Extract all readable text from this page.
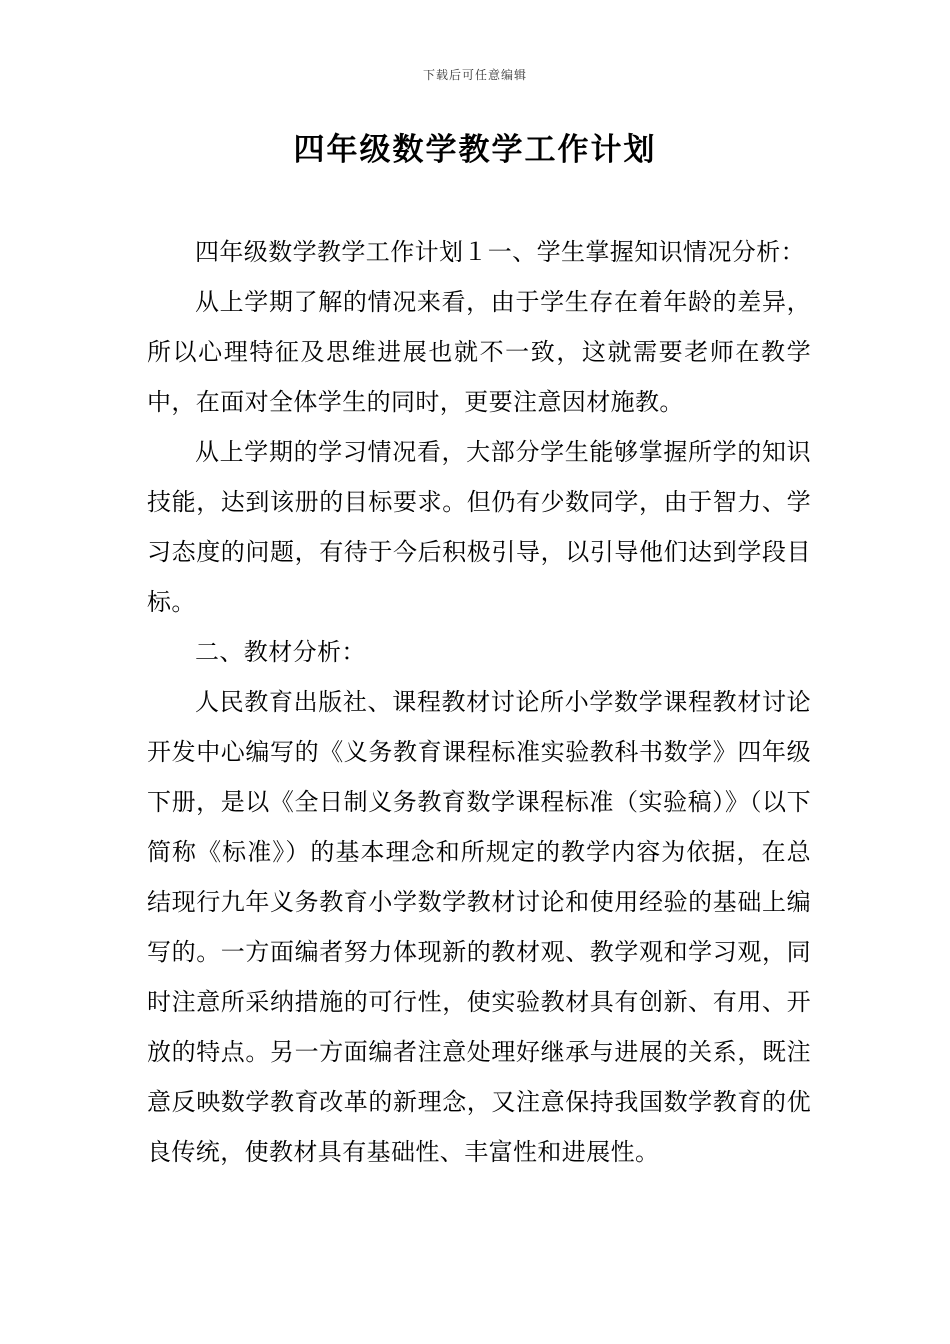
下载后可任意编辑
四年级数学教学工作计划

四年级数学教学工作计划１一、学生掌握知识情况分析：

从上学期了解的情况来看，由于学生存在着年龄的差异，所以心理特征及思维进展也就不一致，这就需要老师在教学中，在面对全体学生的同时，更要注意因材施教。

从上学期的学习情况看，大部分学生能够掌握所学的知识技能，达到该册的目标要求。但仍有少数同学，由于智力、学习态度的问题，有待于今后积极引导，以引导他们达到学段目标。

二、教材分析：

人民教育出版社、课程教材讨论所小学数学课程教材讨论开发中心编写的《义务教育课程标准实验教科书数学》四年级下册，是以《全日制义务教育数学课程标准（实验稿）》（以下简称《标准》）的基本理念和所规定的教学内容为依据，在总结现行九年义务教育小学数学教材讨论和使用经验的基础上编写的。一方面编者努力体现新的教材观、教学观和学习观，同时注意所采纳措施的可行性，使实验教材具有创新、有用、开放的特点。另一方面编者注意处理好继承与进展的关系，既注意反映数学教育改革的新理念，又注意保持我国数学教育的优良传统，使教材具有基础性、丰富性和进展性。
